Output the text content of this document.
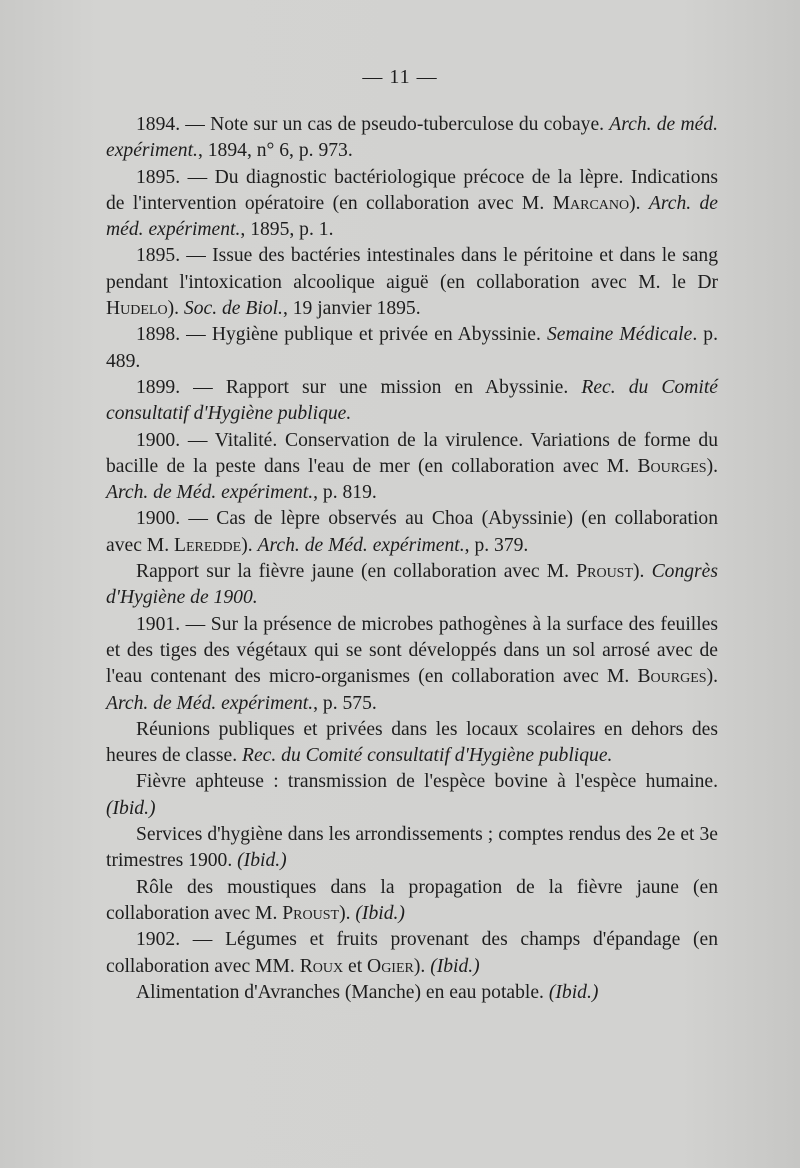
— 11 —

1894. — Note sur un cas de pseudo-tuberculose du cobaye. Arch. de méd. expériment., 1894, n° 6, p. 973.

1895. — Du diagnostic bactériologique précoce de la lèpre. Indications de l'intervention opératoire (en collaboration avec M. Marcano). Arch. de méd. expériment., 1895, p. 1.

1895. — Issue des bactéries intestinales dans le péritoine et dans le sang pendant l'intoxication alcoolique aiguë (en collaboration avec M. le Dr Hudelo). Soc. de Biol., 19 janvier 1895.

1898. — Hygiène publique et privée en Abyssinie. Semaine Médicale. p. 489.

1899. — Rapport sur une mission en Abyssinie. Rec. du Comité consultatif d'Hygiène publique.

1900. — Vitalité. Conservation de la virulence. Variations de forme du bacille de la peste dans l'eau de mer (en collaboration avec M. Bourges). Arch. de Méd. expériment., p. 819.

1900. — Cas de lèpre observés au Choa (Abyssinie) (en collaboration avec M. Leredde). Arch. de Méd. expériment., p. 379.

Rapport sur la fièvre jaune (en collaboration avec M. Proust). Congrès d'Hygiène de 1900.

1901. — Sur la présence de microbes pathogènes à la surface des feuilles et des tiges des végétaux qui se sont développés dans un sol arrosé avec de l'eau contenant des micro-organismes (en collaboration avec M. Bourges). Arch. de Méd. expériment., p. 575.

Réunions publiques et privées dans les locaux scolaires en dehors des heures de classe. Rec. du Comité consultatif d'Hygiène publique.

Fièvre aphteuse : transmission de l'espèce bovine à l'espèce humaine. (Ibid.)

Services d'hygiène dans les arrondissements ; comptes rendus des 2e et 3e trimestres 1900. (Ibid.)

Rôle des moustiques dans la propagation de la fièvre jaune (en collaboration avec M. Proust). (Ibid.)

1902. — Légumes et fruits provenant des champs d'épandage (en collaboration avec MM. Roux et Ogier). (Ibid.)

Alimentation d'Avranches (Manche) en eau potable. (Ibid.)
